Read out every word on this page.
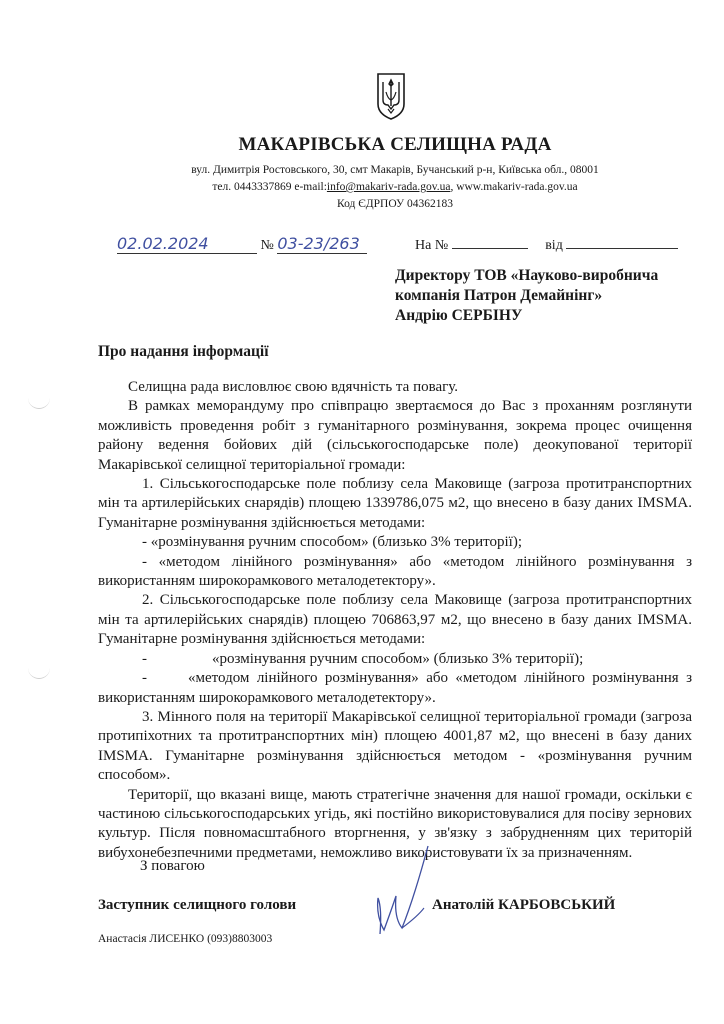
МАКАРІВСЬКА СЕЛИЩНА РАДА
вул. Димитрія Ростовського, 30, смт Макарів, Бучанський р-н, Київська обл., 08001
тел. 0443337869 e-mail:info@makariv-rada.gov.ua, www.makariv-rada.gov.ua
Код ЄДРПОУ 04362183
02.02.2024	№ 03-23/263	На №	від
Директору ТОВ «Науково-виробнича
компанія Патрон Демайнінг»
Андрію СЕРБІНУ
Про надання інформації

Селищна рада висловлює свою вдячність та повагу.

В рамках меморандуму про співпрацю звертаємося до Вас з проханням розглянути можливість проведення робіт з гуманітарного розмінування, зокрема процес очищення району ведення бойових дій (сільськогосподарське поле) деокупованої території Макарівської селищної територіальної громади:

1. Сільськогосподарське поле поблизу села Маковище (загроза протитранспортних мін та артилерійських снарядів) площею 1339786,075 м2, що внесено в базу даних IMSMA. Гуманітарне розмінування здійснюється методами:

- «розмінування ручним способом» (близько 3% території);

- «методом лінійного розмінування» або «методом лінійного розмінування з використанням широкорамкового металодетектору».

2. Сільськогосподарське поле поблизу села Маковище (загроза протитранспортних мін та артилерійських снарядів) площею 706863,97 м2, що внесено в базу даних IMSMA. Гуманітарне розмінування здійснюється методами:

-	«розмінування ручним способом» (близько 3% території);

-	«методом лінійного розмінування» або «методом лінійного розмінування з використанням широкорамкового металодетектору».

3. Мінного поля на території Макарівської селищної територіальної громади (загроза протипіхотних та протитранспортних мін) площею 4001,87 м2, що внесені в базу даних IMSMA. Гуманітарне розмінування здійснюється методом - «розмінування ручним способом».

Території, що вказані вище, мають стратегічне значення для нашої громади, оскільки є частиною сільськогосподарських угідь, які постійно використовувалися для посіву зернових культур. Після повномасштабного вторгнення, у зв'язку з забрудненням цих територій вибухонебезпечними предметами, неможливо використовувати їх за призначенням.

З повагою
Заступник селищного голови	Анатолій КАРБОВСЬКИЙ
Анастасія ЛИСЕНКО (093)8803003
